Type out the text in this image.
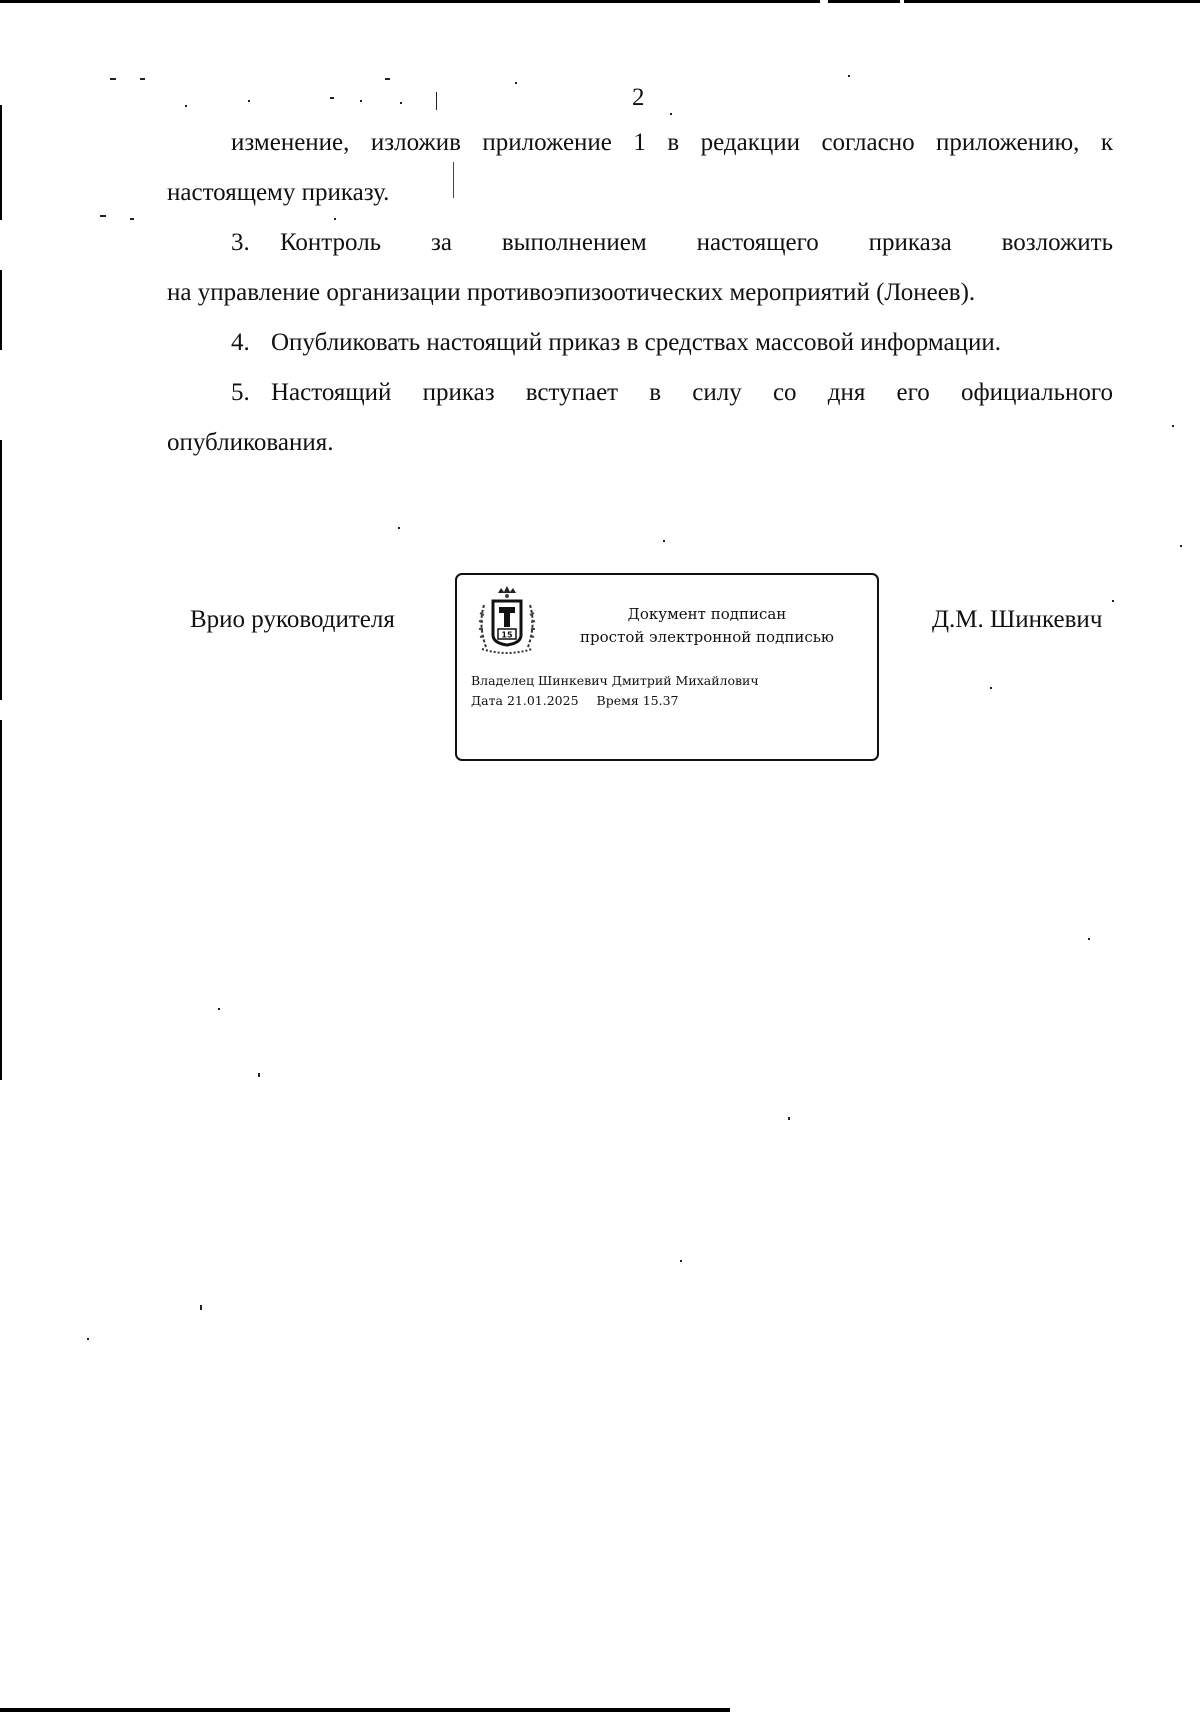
2
изменение, изложив приложение 1 в редакции согласно приложению, к
настоящему приказу.
3. Контроль за выполнением настоящего приказа возложить
на управление организации противоэпизоотических мероприятий (Лонеев).
4. Опубликовать настоящий приказ в средствах массовой информации.
5. Настоящий приказ вступает в силу со дня его официального
опубликования.
Врио руководителя
15
Документ подписан
простой электронной подписью
Владелец Шинкевич Дмитрий Михайлович
Дата 21.01.2025 Время 15.37
Д.М. Шинкевич
